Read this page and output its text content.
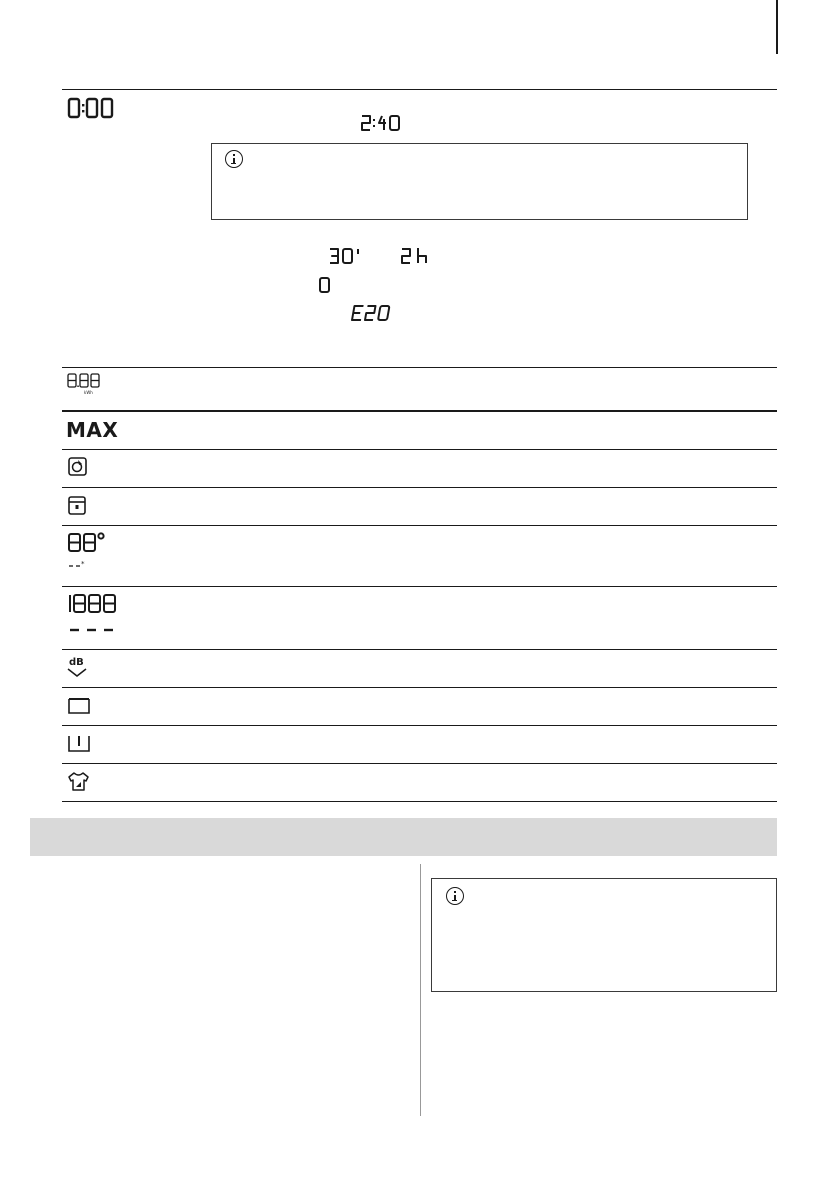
kWh
MAX
*
dB
